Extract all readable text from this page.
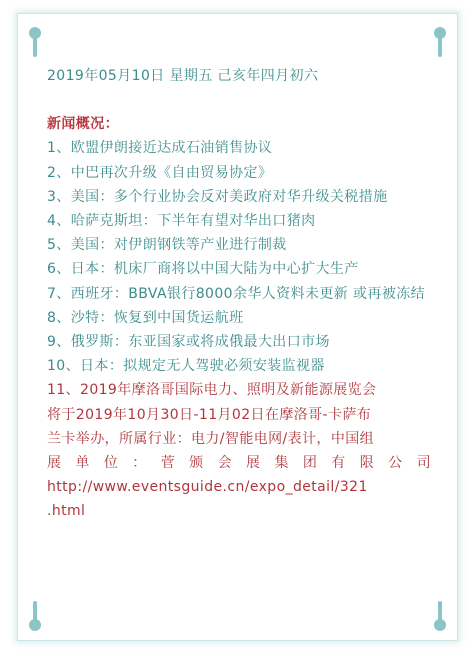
2019年05月10日 星期五 己亥年四月初六
新闻概况：
1、欧盟伊朗接近达成石油销售协议
2、中巴再次升级《自由贸易协定》
3、美国：多个行业协会反对美政府对华升级关税措施
4、哈萨克斯坦：下半年有望对华出口猪肉
5、美国：对伊朗钢铁等产业进行制裁
6、日本：机床厂商将以中国大陆为中心扩大生产
7、西班牙：BBVA银行8000余华人资料未更新 或再被冻结
8、沙特：恢复到中国货运航班
9、俄罗斯：东亚国家或将成俄最大出口市场
10、日本：拟规定无人驾驶必须安装监视器
11、2019年摩洛哥国际电力、照明及新能源展览会
将于2019年10月30日-11月02日在摩洛哥-卡萨布
兰卡举办，所属行业：电力/智能电网/表计，中国组
展单位：菅颁会展集团有限公司
http://www.eventsguide.cn/expo_detail/321
.html
